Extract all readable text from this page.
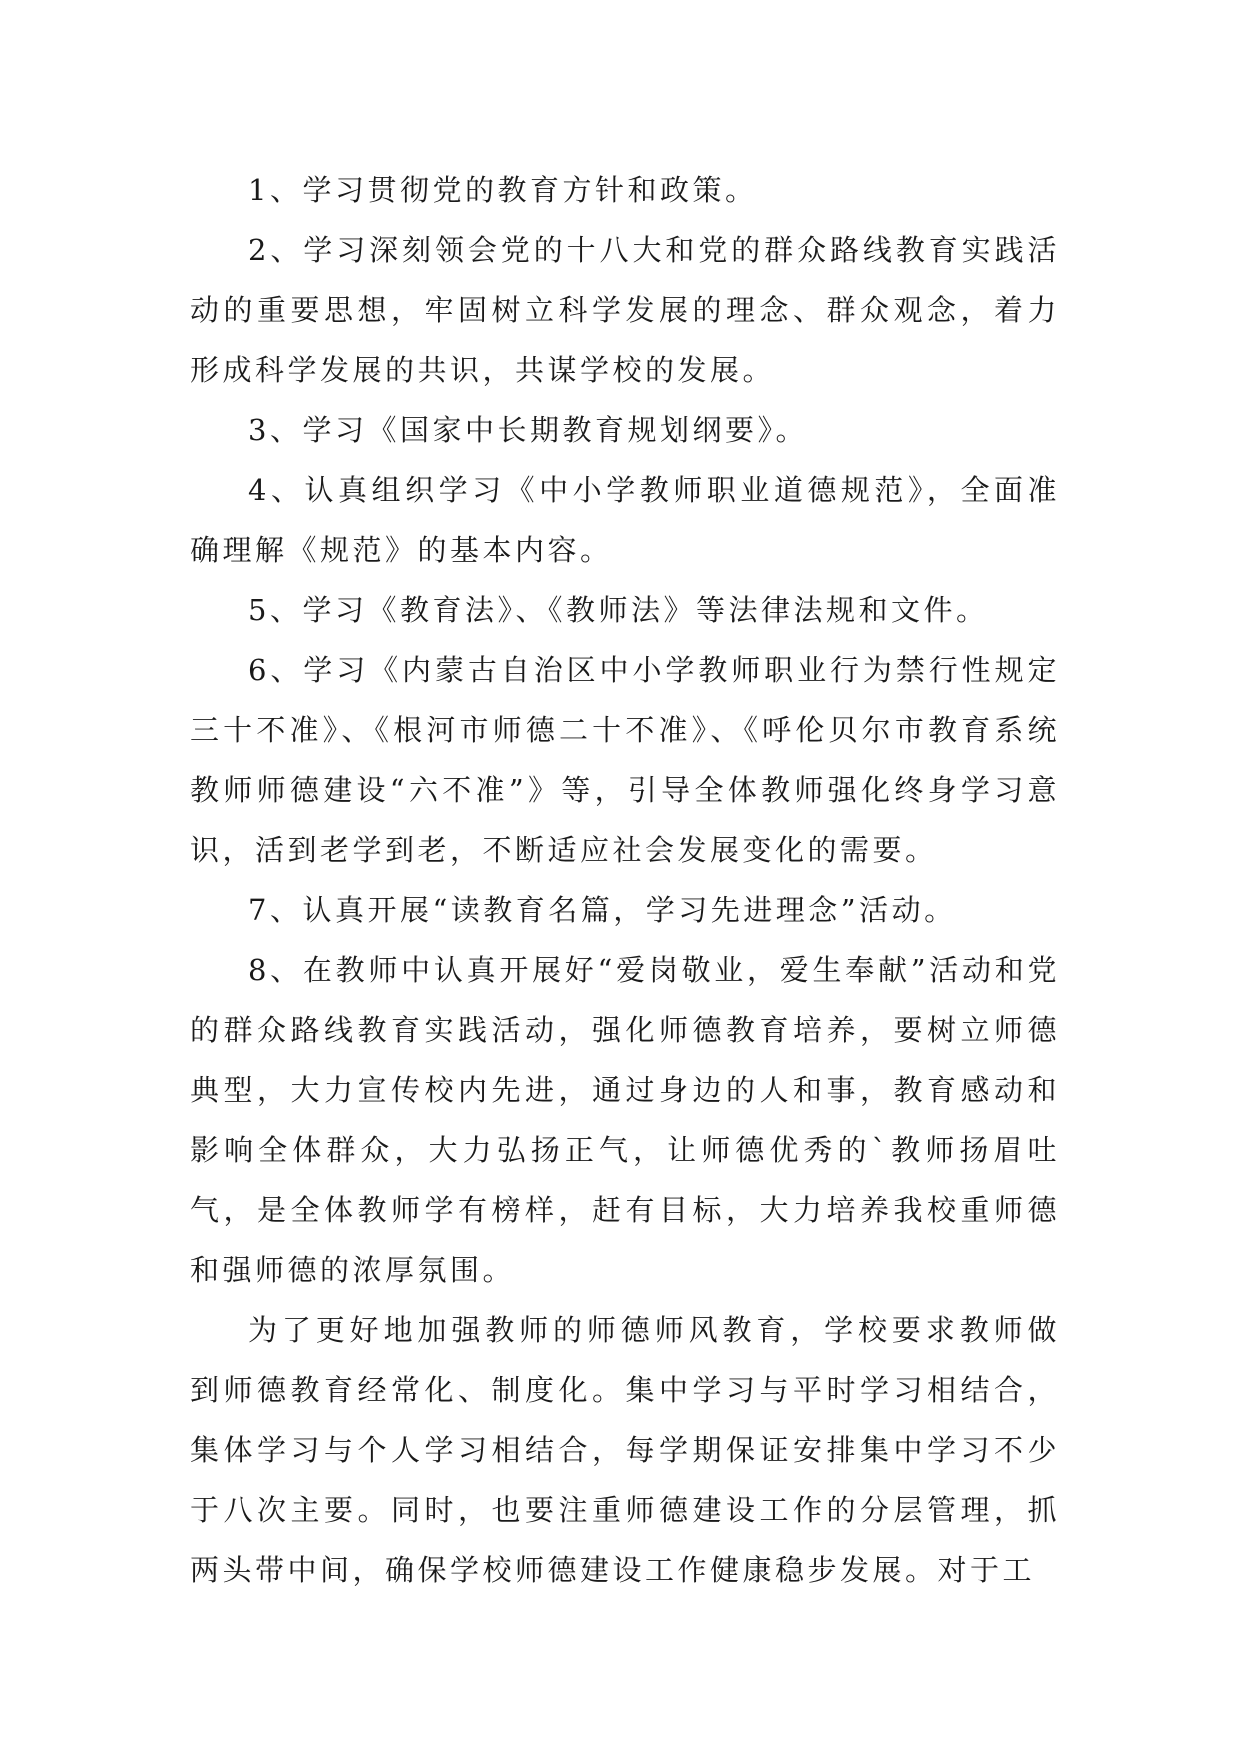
1、学习贯彻党的教育方针和政策。

2、学习深刻领会党的十八大和党的群众路线教育实践活动的重要思想，牢固树立科学发展的理念、群众观念，着力形成科学发展的共识，共谋学校的发展。

3、学习《国家中长期教育规划纲要》。

4、认真组织学习《中小学教师职业道德规范》，全面准确理解《规范》的基本内容。

5、学习《教育法》、《教师法》等法律法规和文件。

6、学习《内蒙古自治区中小学教师职业行为禁行性规定三十不准》、《根河市师德二十不准》、《呼伦贝尔市教育系统教师师德建设“六不准”》等，引导全体教师强化终身学习意识，活到老学到老，不断适应社会发展变化的需要。

7、认真开展“读教育名篇，学习先进理念”活动。

8、在教师中认真开展好“爱岗敬业，爱生奉献”活动和党的群众路线教育实践活动，强化师德教育培养，要树立师德典型，大力宣传校内先进，通过身边的人和事，教育感动和影响全体群众，大力弘扬正气，让师德优秀的`教师扬眉吐气，是全体教师学有榜样，赶有目标，大力培养我校重师德和强师德的浓厚氛围。

为了更好地加强教师的师德师风教育，学校要求教师做到师德教育经常化、制度化。集中学习与平时学习相结合，集体学习与个人学习相结合，每学期保证安排集中学习不少于八次主要。同时，也要注重师德建设工作的分层管理，抓两头带中间，确保学校师德建设工作健康稳步发展。对于工
